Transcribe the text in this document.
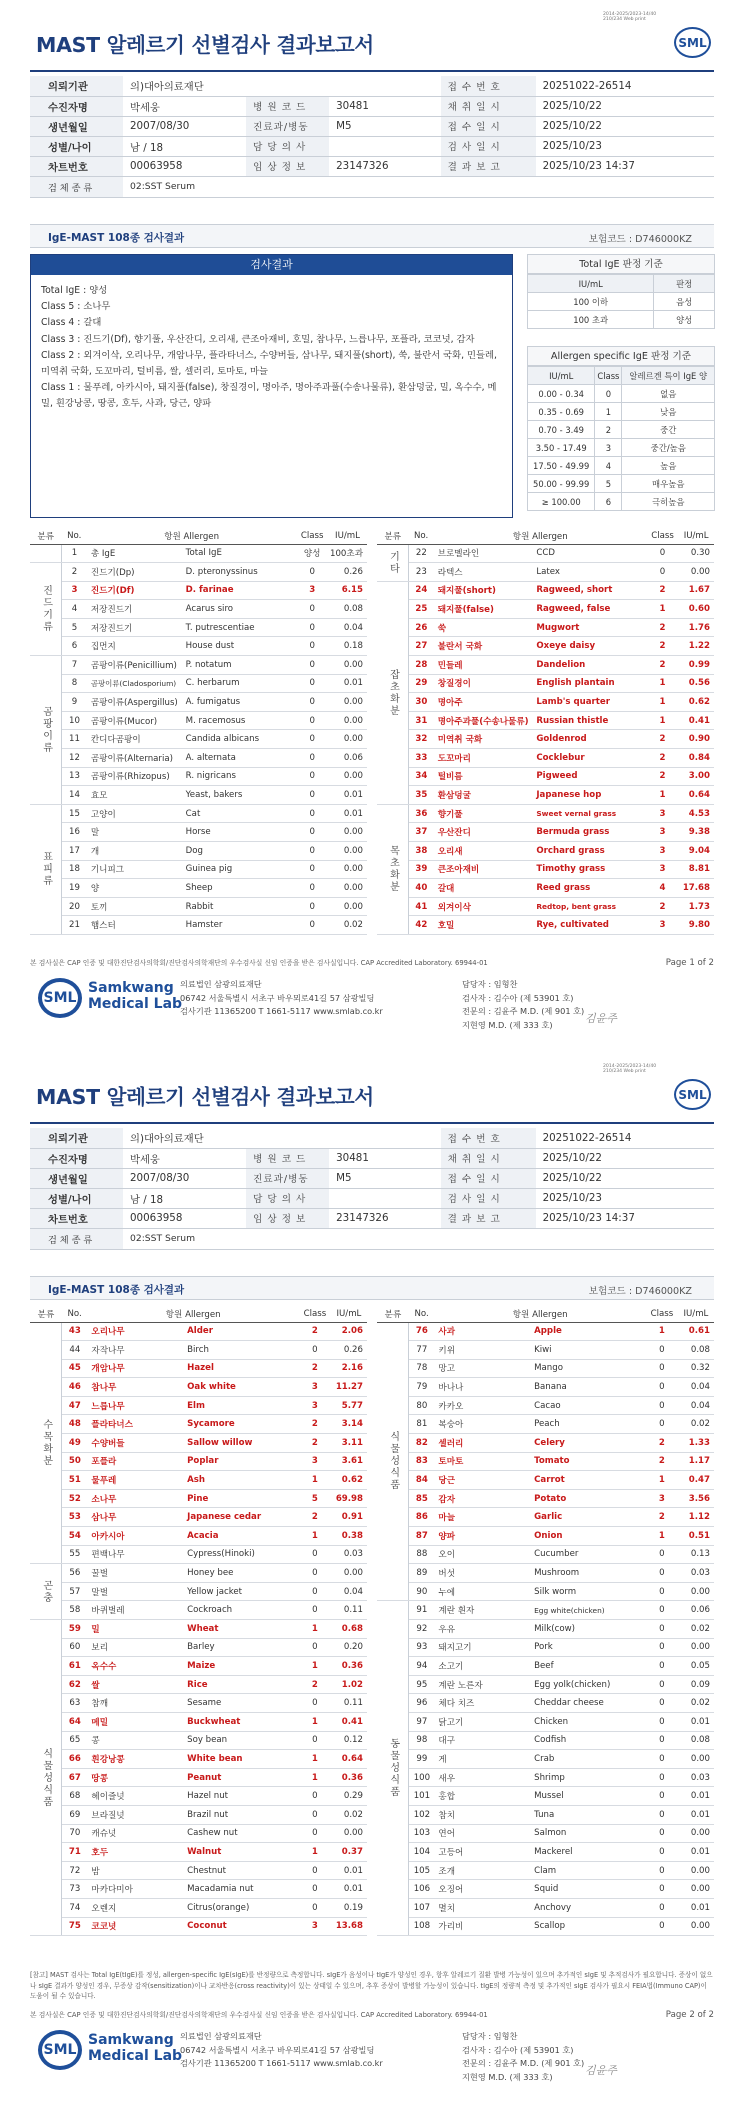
2014-2025/2023-14/40
210/234 Web print
MAST 알레르기 선별검사 결과보고서	SML
의뢰기관	의)대아의료재단			접 수 번 호	20251022-26514
수진자명	박세웅	병 원 코 드	30481	채 취 일 시	2025/10/22
생년월일	2007/08/30	진료과/병동	M5	접 수 일 시	2025/10/22
성별/나이	남 / 18	담 당 의 사		검 사 일 시	2025/10/23
차트번호	00063958	임 상 정 보	23147326	결 과 보 고	2025/10/23 14:37
검 체 종 류	02:SST Serum				
IgE-MAST 108종 검사결과	보험코드 : D746000KZ
검사결과
Total IgE : 양성
Class 5 : 소나무
Class 4 : 갈대
Class 3 : 진드기(Df), 향기풀, 우산잔디, 오리새, 큰조아재비, 호밀, 참나무, 느릅나무, 포플라, 코코넛, 감자
Class 2 : 외겨이삭, 오리나무, 개암나무, 플라타너스, 수양버들, 삼나무, 돼지풀(short), 쑥, 불란서 국화, 민들레, 미역취 국화, 도꼬마리, 털비름, 쌀, 셀러리, 토마토, 마늘
Class 1 : 물푸레, 아카시아, 돼지풀(false), 창질경이, 명아주, 명아주과풀(수송나물류), 환삼덩굴, 밀, 옥수수, 메밀, 흰강낭콩, 땅콩, 호두, 사과, 당근, 양파
Total IgE 판정 기준
IU/mL	판정
100 이하	음성
100 초과	양성
Allergen specific IgE 판정 기준
IU/mL	Class	알레르겐 특이 IgE 양
0.00 - 0.34	0	없음
0.35 - 0.69	1	낮음
0.70 - 3.49	2	중간
3.50 - 17.49	3	중간/높음
17.50 - 49.99	4	높음
50.00 - 99.99	5	매우높음
≥ 100.00	6	극히높음
분류	No.	항원 Allergen		Class	IU/mL
	1	총 IgE	Total IgE	양성	100초과
진드기류	2	진드기(Dp)	D. pteronyssinus	0	0.26
	3	진드기(Df)	D. farinae	3	6.15
	4	저장진드기	Acarus siro	0	0.08
	5	저장진드기	T. putrescentiae	0	0.04
	6	집먼지	House dust	0	0.18
곰팡이류	7	곰팡이류(Penicillium)	P. notatum	0	0.00
	8	곰팡이류(Cladosporium)	C. herbarum	0	0.01
	9	곰팡이류(Aspergillus)	A. fumigatus	0	0.00
	10	곰팡이류(Mucor)	M. racemosus	0	0.00
	11	칸디다곰팡이	Candida albicans	0	0.00
	12	곰팡이류(Alternaria)	A. alternata	0	0.06
	13	곰팡이류(Rhizopus)	R. nigricans	0	0.00
	14	효모	Yeast, bakers	0	0.01
표피류	15	고양이	Cat	0	0.01
	16	말	Horse	0	0.00
	17	개	Dog	0	0.00
	18	기니피그	Guinea pig	0	0.00
	19	양	Sheep	0	0.00
	20	토끼	Rabbit	0	0.00
	21	햄스터	Hamster	0	0.02
분류	No.	항원 Allergen		Class	IU/mL
기타	22	브로멜라인	CCD	0	0.30
	23	라텍스	Latex	0	0.00
잡초화분	24	돼지풀(short)	Ragweed, short	2	1.67
	25	돼지풀(false)	Ragweed, false	1	0.60
	26	쑥	Mugwort	2	1.76
	27	불란서 국화	Oxeye daisy	2	1.22
	28	민들레	Dandelion	2	0.99
	29	창질경이	English plantain	1	0.56
	30	명아주	Lamb's quarter	1	0.62
	31	명아주과풀(수송나물류)	Russian thistle	1	0.41
	32	미역취 국화	Goldenrod	2	0.90
	33	도꼬마리	Cocklebur	2	0.84
	34	털비름	Pigweed	2	3.00
	35	환삼덩굴	Japanese hop	1	0.64
목초화분	36	향기풀	Sweet vernal grass	3	4.53
	37	우산잔디	Bermuda grass	3	9.38
	38	오리새	Orchard grass	3	9.04
	39	큰조아재비	Timothy grass	3	8.81
	40	갈대	Reed grass	4	17.68
	41	외겨이삭	Redtop, bent grass	2	1.73
	42	호밀	Rye, cultivated	3	9.80
본 검사실은 CAP 인증 및 대한진단검사의학회/진단검사의학재단의 우수검사실 신임 인증을 받은 검사실입니다. CAP Accredited Laboratory. 69944-01	Page 1 of 2
SML
Samkwang
Medical Lab
의료법인 삼광의료재단
06742 서울특별시 서초구 바우뫼로41길 57 삼광빌딩
검사기관 11365200 T 1661-5117 www.smlab.co.kr
담당자 : 임형찬
검사자 : 김수아 (제 53901 호)
전문의 : 김윤주 M.D. (제 901 호)
지현영 M.D. (제 333 호)	김윤주
2014-2025/2023-14/40
210/234 Web print
MAST 알레르기 선별검사 결과보고서	SML
의뢰기관	의)대아의료재단			접 수 번 호	20251022-26514
수진자명	박세웅	병 원 코 드	30481	채 취 일 시	2025/10/22
생년월일	2007/08/30	진료과/병동	M5	접 수 일 시	2025/10/22
성별/나이	남 / 18	담 당 의 사		검 사 일 시	2025/10/23
차트번호	00063958	임 상 정 보	23147326	결 과 보 고	2025/10/23 14:37
검 체 종 류	02:SST Serum				
IgE-MAST 108종 검사결과	보험코드 : D746000KZ
분류	No.	항원 Allergen		Class	IU/mL
수목화분	43	오리나무	Alder	2	2.06
	44	자작나무	Birch	0	0.26
	45	개암나무	Hazel	2	2.16
	46	참나무	Oak white	3	11.27
	47	느릅나무	Elm	3	5.77
	48	플라타너스	Sycamore	2	3.14
	49	수양버들	Sallow willow	2	3.11
	50	포플라	Poplar	3	3.61
	51	물푸레	Ash	1	0.62
	52	소나무	Pine	5	69.98
	53	삼나무	Japanese cedar	2	0.91
	54	아카시아	Acacia	1	0.38
	55	편백나무	Cypress(Hinoki)	0	0.03
곤충	56	꿀벌	Honey bee	0	0.00
	57	말벌	Yellow jacket	0	0.04
	58	바퀴벌레	Cockroach	0	0.11
식물성식품	59	밀	Wheat	1	0.68
	60	보리	Barley	0	0.20
	61	옥수수	Maize	1	0.36
	62	쌀	Rice	2	1.02
	63	참깨	Sesame	0	0.11
	64	메밀	Buckwheat	1	0.41
	65	콩	Soy bean	0	0.12
	66	흰강낭콩	White bean	1	0.64
	67	땅콩	Peanut	1	0.36
	68	헤이즐넛	Hazel nut	0	0.29
	69	브라질넛	Brazil nut	0	0.02
	70	캐슈넛	Cashew nut	0	0.00
	71	호두	Walnut	1	0.37
	72	밤	Chestnut	0	0.01
	73	마카다미아	Macadamia nut	0	0.01
	74	오렌지	Citrus(orange)	0	0.19
	75	코코넛	Coconut	3	13.68
분류	No.	항원 Allergen		Class	IU/mL
식물성식품	76	사과	Apple	1	0.61
	77	키위	Kiwi	0	0.08
	78	망고	Mango	0	0.32
	79	바나나	Banana	0	0.04
	80	카카오	Cacao	0	0.04
	81	복숭아	Peach	0	0.02
	82	셀러리	Celery	2	1.33
	83	토마토	Tomato	2	1.17
	84	당근	Carrot	1	0.47
	85	감자	Potato	3	3.56
	86	마늘	Garlic	2	1.12
	87	양파	Onion	1	0.51
	88	오이	Cucumber	0	0.13
	89	버섯	Mushroom	0	0.03
	90	누에	Silk worm	0	0.00
동물성식품	91	계란 흰자	Egg white(chicken)	0	0.06
	92	우유	Milk(cow)	0	0.02
	93	돼지고기	Pork	0	0.00
	94	소고기	Beef	0	0.05
	95	계란 노른자	Egg yolk(chicken)	0	0.09
	96	체다 치즈	Cheddar cheese	0	0.02
	97	닭고기	Chicken	0	0.01
	98	대구	Codfish	0	0.08
	99	게	Crab	0	0.00
	100	새우	Shrimp	0	0.03
	101	홍합	Mussel	0	0.01
	102	참치	Tuna	0	0.01
	103	연어	Salmon	0	0.00
	104	고등어	Mackerel	0	0.01
	105	조개	Clam	0	0.00
	106	오징어	Squid	0	0.00
	107	멸치	Anchovy	0	0.01
	108	가리비	Scallop	0	0.00
[참고] MAST 검사는 Total IgE(tIgE)를 정성, allergen-specific IgE(sIgE)를 반정량으로 측정합니다. sIgE가 음성이나 tIgE가 양성인 경우, 항후 알레르기 질환 발병 가능성이 있으며 추가적인 sIgE 및 추적검사가 필요합니다. 증상이 없으나 sIgE 결과가 양성인 경우, 무증상 감작(sensitization)이나 교차반응(cross reactivity)이 있는 상태일 수 있으며, 추후 증상이 발병할 가능성이 있습니다. tIgE의 정량적 측정 및 추가적인 sIgE 검사가 필요시 FEIA법(Immuno CAP)이 도움이 될 수 있습니다.
본 검사실은 CAP 인증 및 대한진단검사의학회/진단검사의학재단의 우수검사실 신임 인증을 받은 검사실입니다. CAP Accredited Laboratory. 69944-01	Page 2 of 2
SML
Samkwang
Medical Lab
의료법인 삼광의료재단
06742 서울특별시 서초구 바우뫼로41길 57 삼광빌딩
검사기관 11365200 T 1661-5117 www.smlab.co.kr
담당자 : 임형찬
검사자 : 김수아 (제 53901 호)
전문의 : 김윤주 M.D. (제 901 호)
지현영 M.D. (제 333 호)	김윤주
